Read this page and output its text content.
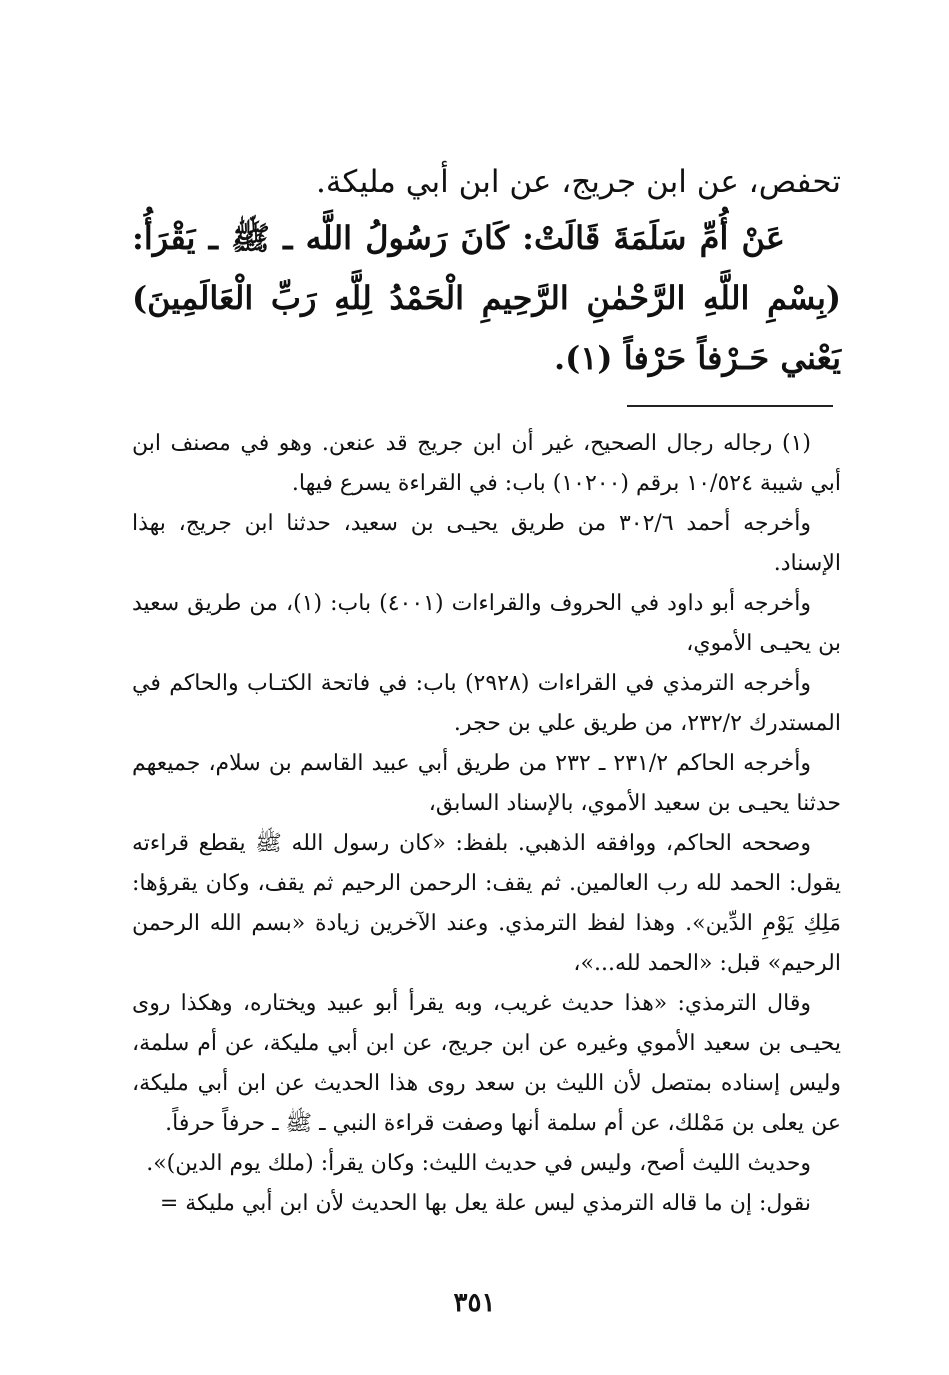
تحفص، عن ابن جريج، عن ابن أبي مليكة.

عَنْ أُمِّ سَلَمَةَ قَالَتْ: كَانَ رَسُولُ اللَّه ـ ﷺ ـ يَقْرَأُ: (بِسْمِ اللَّهِ الرَّحْمٰنِ الرَّحِيمِ الْحَمْدُ لِلَّهِ رَبِّ الْعَالَمِينَ) يَعْني حَـرْفاً حَرْفاً (١).

(١) رجاله رجال الصحيح، غير أن ابن جريج قد عنعن. وهو في مصنف ابن أبي شيبة ١٠/٥٢٤ برقم (١٠٢٠٠) باب: في القراءة يسرع فيها.

وأخرجه أحمد ٣٠٢/٦ من طريق يحيـى بن سعيد، حدثنا ابن جريج، بهذا الإسناد.

وأخرجه أبو داود في الحروف والقراءات (٤٠٠١) باب: (١)، من طريق سعيد بن يحيـى الأموي،

وأخرجه الترمذي في القراءات (٢٩٢٨) باب: في فاتحة الكتـاب والحاكم في المستدرك ٢٣٢/٢، من طريق علي بن حجر.

وأخرجه الحاكم ٢٣١/٢ ـ ٢٣٢ من طريق أبي عبيد القاسم بن سلام، جميعهم حدثنا يحيـى بن سعيد الأموي، بالإسناد السابق،

وصححه الحاكم، ووافقه الذهبي. بلفظ: «كان رسول الله ﷺ يقطع قراءته يقول: الحمد لله رب العالمين. ثم يقف: الرحمن الرحيم ثم يقف، وكان يقرؤها: مَلِكِ يَوْمِ الدِّين». وهذا لفظ الترمذي. وعند الآخرين زيادة «بسم الله الرحمن الرحيم» قبل: «الحمد لله...»،

وقال الترمذي: «هذا حديث غريب، وبه يقرأ أبو عبيد ويختاره، وهكذا روى يحيـى بن سعيد الأموي وغيره عن ابن جريج، عن ابن أبي مليكة، عن أم سلمة، وليس إسناده بمتصل لأن الليث بن سعد روى هذا الحديث عن ابن أبي مليكة، عن يعلى بن مَمْلك، عن أم سلمة أنها وصفت قراءة النبي ـ ﷺ ـ حرفاً حرفاً.

وحديث الليث أصح، وليس في حديث الليث: وكان يقرأ: (ملك يوم الدين)».

نقول: إن ما قاله الترمذي ليس علة يعل بها الحديث لأن ابن أبي مليكة =

٣٥١
